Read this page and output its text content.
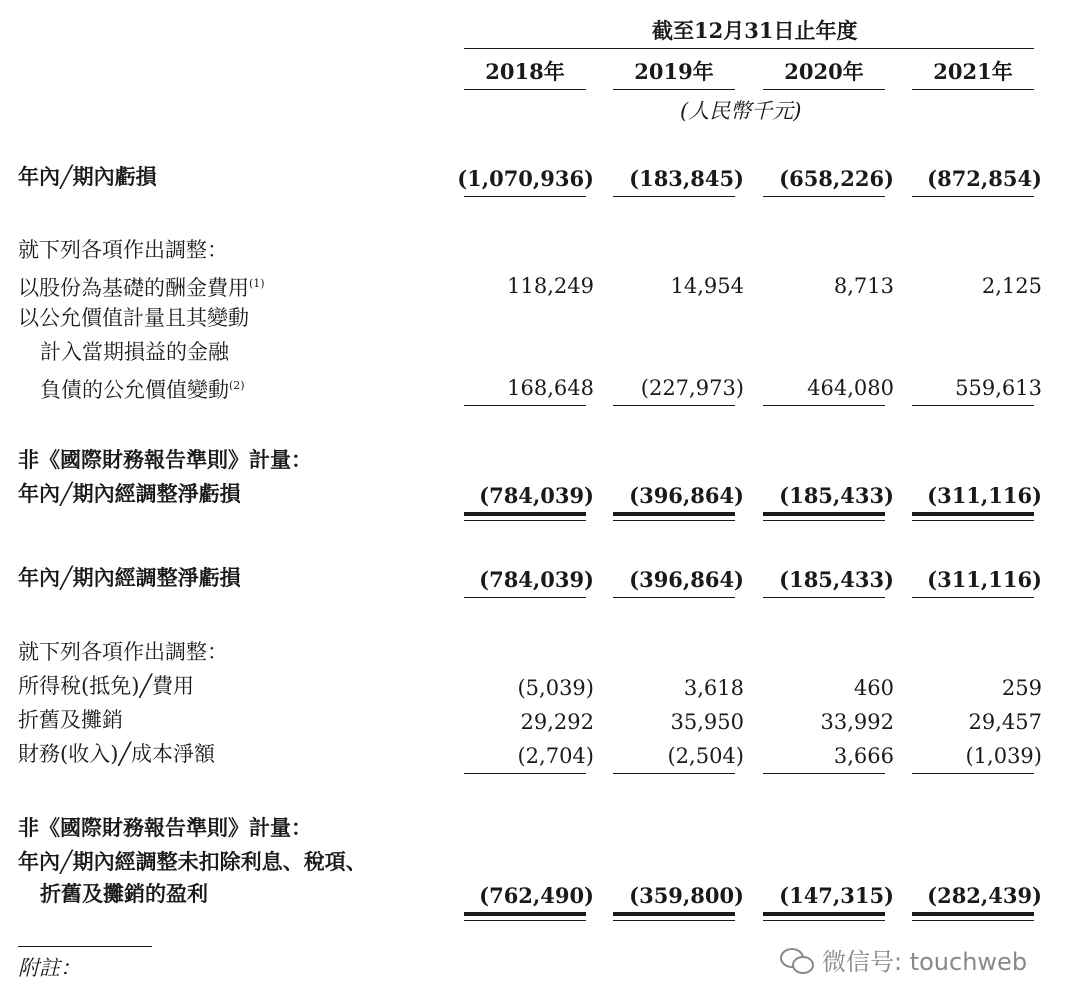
截至12月31日止年度
2018年	2019年	2020年	2021年
(人民幣千元)
年內╱期內虧損	(1,070,936)	(183,845)	(658,226)	(872,854)
就下列各項作出調整：
以股份為基礎的酬金費用$^{(1)}$	118,249	14,954	8,713	2,125
以公允價值計量且其變動
計入當期損益的金融
負債的公允價值變動$^{(2)}$	168,648	(227,973)	464,080	559,613
非《國際財務報告準則》計量：
年內╱期內經調整淨虧損	(784,039)	(396,864)	(185,433)	(311,116)
年內╱期內經調整淨虧損	(784,039)	(396,864)	(185,433)	(311,116)
就下列各項作出調整：
所得稅(抵免)╱費用	(5,039)	3,618	460	259
折舊及攤銷	29,292	35,950	33,992	29,457
財務(收入)╱成本淨額	(2,704)	(2,504)	3,666	(1,039)
非《國際財務報告準則》計量：
年內╱期內經調整未扣除利息、稅項、
折舊及攤銷的盈利	(762,490)	(359,800)	(147,315)	(282,439)
附註：	微信号: touchweb
